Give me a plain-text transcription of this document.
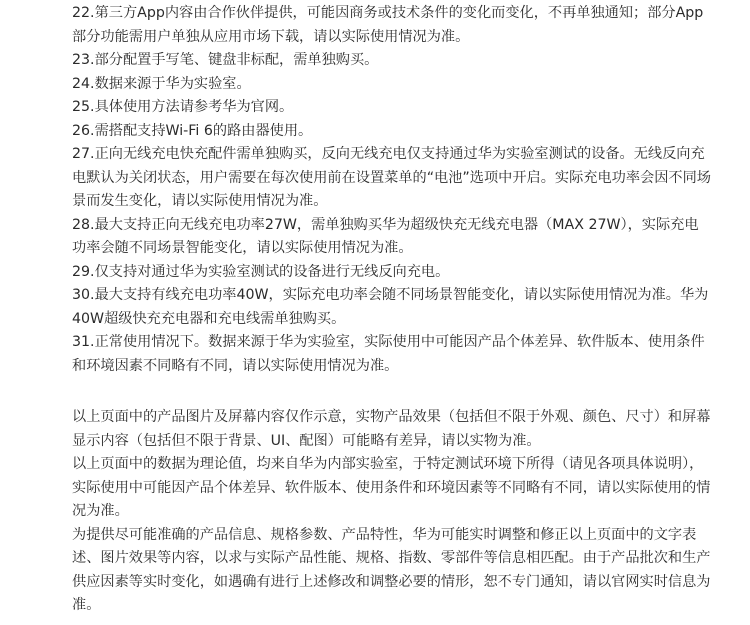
22.第三方App内容由合作伙伴提供，可能因商务或技术条件的变化而变化，不再单独通知；部分App部分功能需用户单独从应用市场下载，请以实际使用情况为准。

23.部分配置手写笔、键盘非标配，需单独购买。

24.数据来源于华为实验室。

25.具体使用方法请参考华为官网。

26.需搭配支持Wi-Fi 6的路由器使用。

27.正向无线充电快充配件需单独购买，反向无线充电仅支持通过华为实验室测试的设备。无线反向充电默认为关闭状态，用户需要在每次使用前在设置菜单的“电池”选项中开启。实际充电功率会因不同场景而发生变化，请以实际使用情况为准。

28.最大支持正向无线充电功率27W，需单独购买华为超级快充无线充电器（MAX 27W），实际充电功率会随不同场景智能变化，请以实际使用情况为准。

29.仅支持对通过华为实验室测试的设备进行无线反向充电。

30.最大支持有线充电功率40W，实际充电功率会随不同场景智能变化，请以实际使用情况为准。华为40W超级快充充电器和充电线需单独购买。

31.正常使用情况下。数据来源于华为实验室，实际使用中可能因产品个体差异、软件版本、使用条件和环境因素不同略有不同，请以实际使用情况为准。

以上页面中的产品图片及屏幕内容仅作示意，实物产品效果（包括但不限于外观、颜色、尺寸）和屏幕显示内容（包括但不限于背景、UI、配图）可能略有差异，请以实物为准。

以上页面中的数据为理论值，均来自华为内部实验室，于特定测试环境下所得（请见各项具体说明），实际使用中可能因产品个体差异、软件版本、使用条件和环境因素等不同略有不同，请以实际使用的情况为准。

为提供尽可能准确的产品信息、规格参数、产品特性，华为可能实时调整和修正以上页面中的文字表述、图片效果等内容，以求与实际产品性能、规格、指数、零部件等信息相匹配。由于产品批次和生产供应因素等实时变化，如遇确有进行上述修改和调整必要的情形，恕不专门通知，请以官网实时信息为准。
